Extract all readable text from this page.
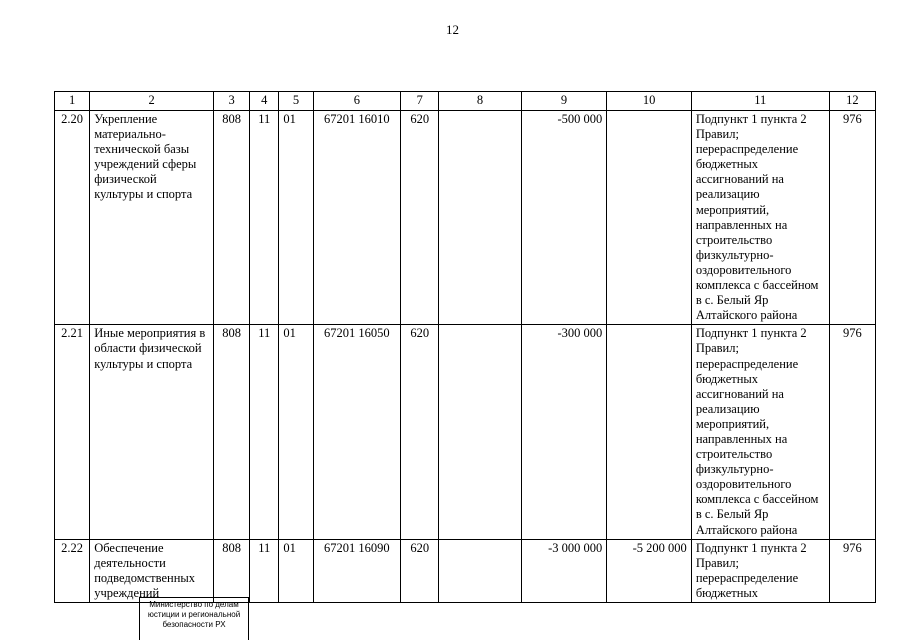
12
1	2	3	4	5	6	7	8	9	10	11	12
2.20	Укрепление материально-технической базы учреждений сферы физической культуры и спорта	808	11	01	67201 16010	620		-500 000		Подпункт 1 пункта 2 Правил; перераспределение бюджетных ассигнований на реализацию мероприятий, направленных на строительство физкультурно-оздоровительного комплекса с бассейном в с. Белый Яр Алтайского района	976
2.21	Иные мероприятия в области физической культуры и спорта	808	11	01	67201 16050	620		-300 000		Подпункт 1 пункта 2 Правил; перераспределение бюджетных ассигнований на реализацию мероприятий, направленных на строительство физкультурно-оздоровительного комплекса с бассейном в с. Белый Яр Алтайского района	976
2.22	Обеспечение деятельности подведомственных учреждений	808	11	01	67201 16090	620		-3 000 000	-5 200 000	Подпункт 1 пункта 2 Правил; перераспределение бюджетных	976
Министерство по делам
юстиции и региональной
безопасности РХ
